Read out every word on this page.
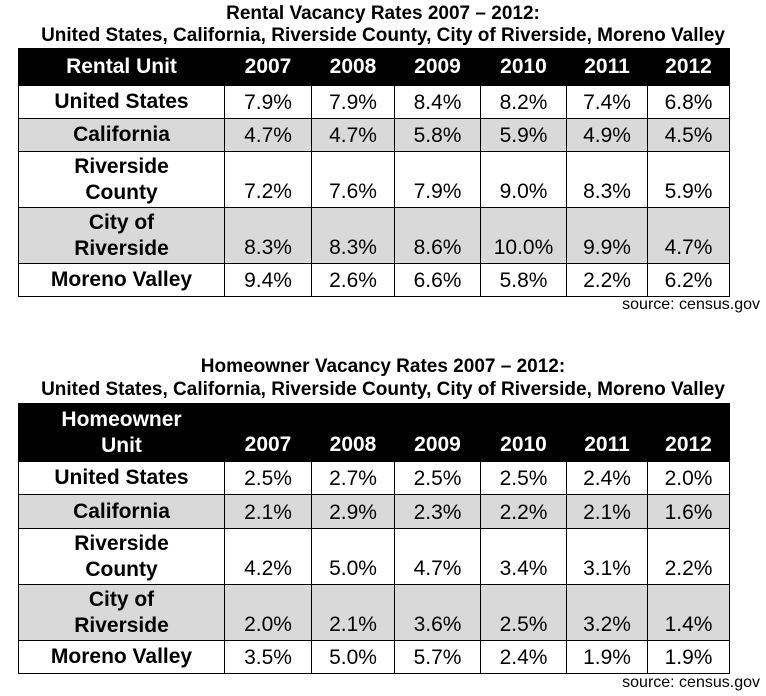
Rental Vacancy Rates 2007 – 2012:
United States, California, Riverside County, City of Riverside, Moreno Valley
Rental Unit	2007	2008	2009	2010	2011	2012
United States	7.9%	7.9%	8.4%	8.2%	7.4%	6.8%
California	4.7%	4.7%	5.8%	5.9%	4.9%	4.5%
Riverside County	7.2%	7.6%	7.9%	9.0%	8.3%	5.9%
City of Riverside	8.3%	8.3%	8.6%	10.0%	9.9%	4.7%
Moreno Valley	9.4%	2.6%	6.6%	5.8%	2.2%	6.2%
source: census.gov
Homeowner Vacancy Rates 2007 – 2012:
United States, California, Riverside County, City of Riverside, Moreno Valley
Homeowner Unit	2007	2008	2009	2010	2011	2012
United States	2.5%	2.7%	2.5%	2.5%	2.4%	2.0%
California	2.1%	2.9%	2.3%	2.2%	2.1%	1.6%
Riverside County	4.2%	5.0%	4.7%	3.4%	3.1%	2.2%
City of Riverside	2.0%	2.1%	3.6%	2.5%	3.2%	1.4%
Moreno Valley	3.5%	5.0%	5.7%	2.4%	1.9%	1.9%
source: census.gov
